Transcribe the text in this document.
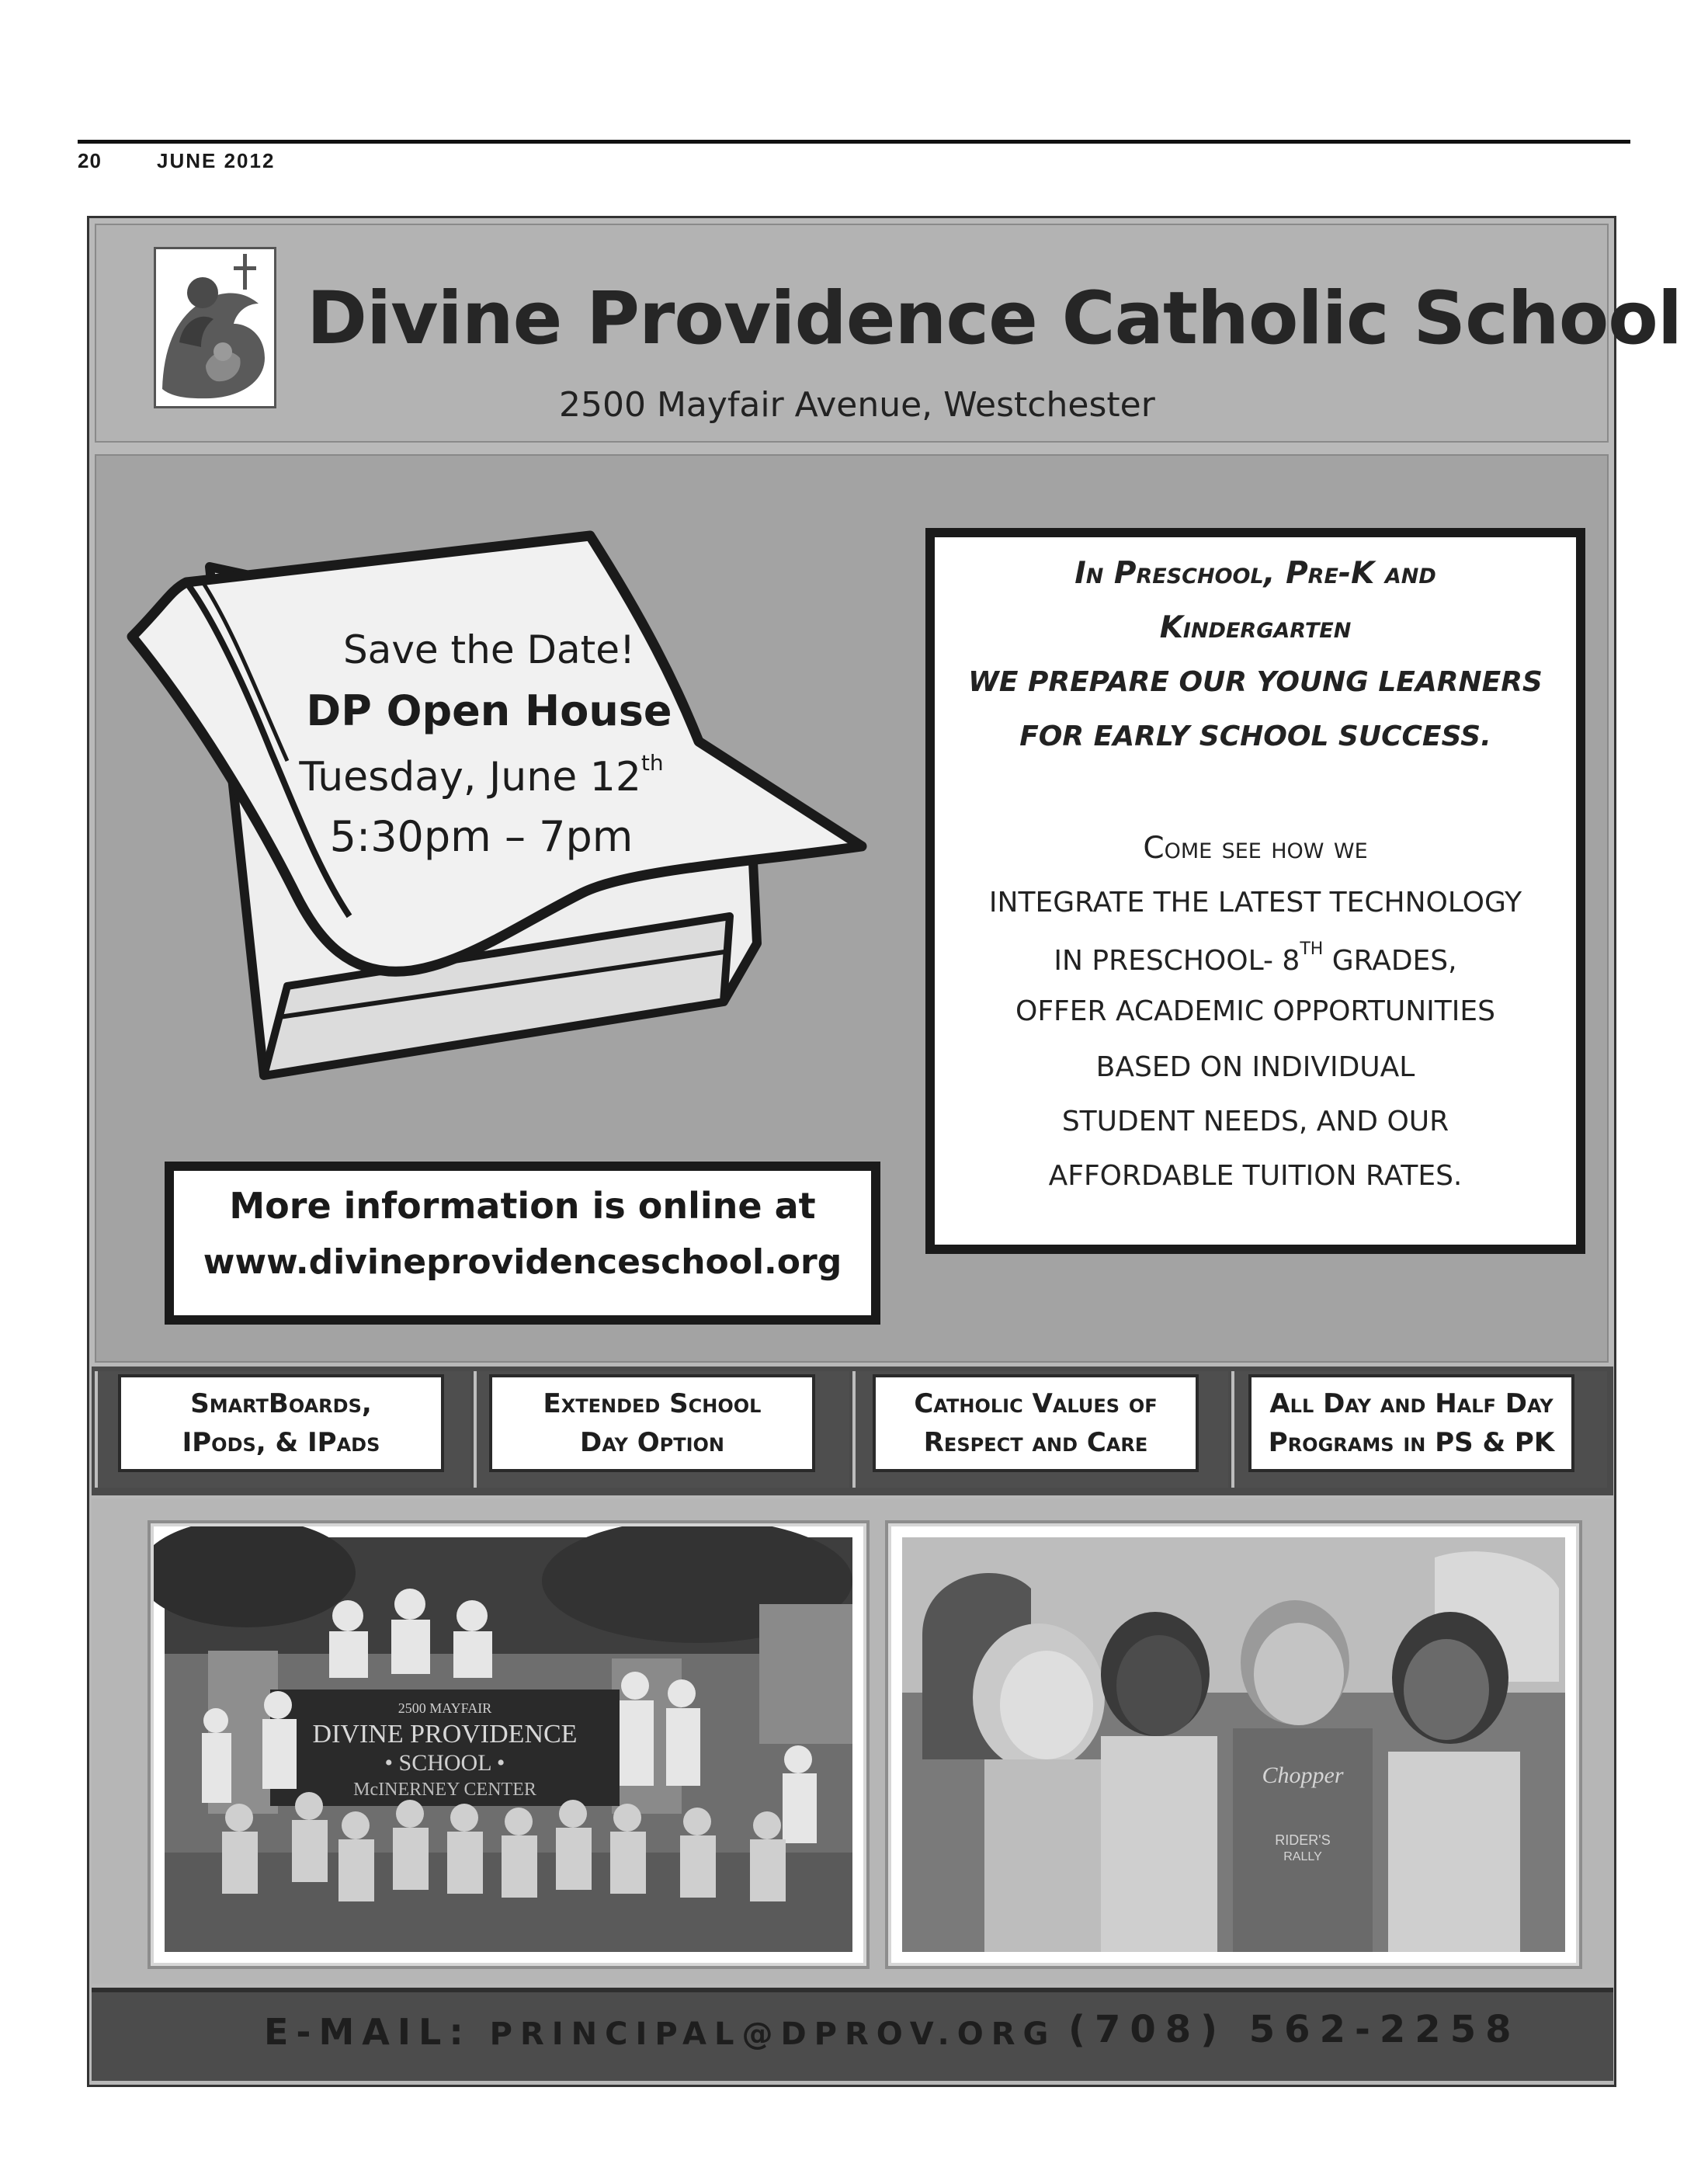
20	JUNE 2012
Divine Providence Catholic School
2500 Mayfair Avenue, Westchester
Save the Date!
DP Open House
Tuesday, June 12th
5:30pm – 7pm
In Preschool, Pre-K and
Kindergarten
WE PREPARE OUR YOUNG LEARNERS
FOR EARLY SCHOOL SUCCESS.
Come see how we
INTEGRATE THE LATEST TECHNOLOGY
IN PRESCHOOL- 8TH GRADES,
OFFER ACADEMIC OPPORTUNITIES
BASED ON INDIVIDUAL
STUDENT NEEDS, AND OUR
AFFORDABLE TUITION RATES.
More information is online at
www.divineprovidenceschool.org
SmartBoards,
IPods, & IPads
Extended School
Day Option
Catholic Values of
Respect and Care
All Day and Half Day
Programs in PS & PK
2500 MAYFAIR
DIVINE PROVIDENCE
• SCHOOL •
McINERNEY CENTER
Chopper
RIDER'S
RALLY
E-MAIL: PRINCIPAL@DPROV.ORG (708) 562-2258
